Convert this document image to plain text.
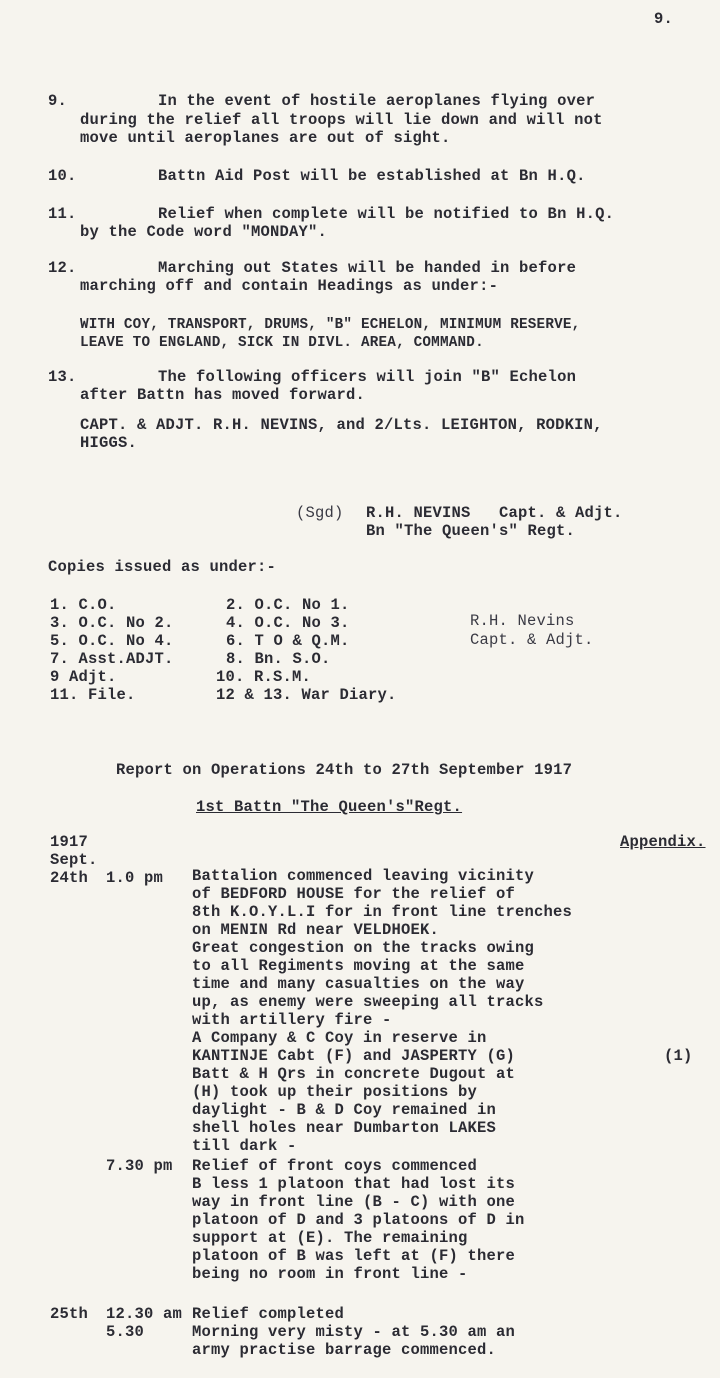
9.
9.	In the event of hostile aeroplanes flying over
during the relief all troops will lie down and will not
move until aeroplanes are out of sight.
10.	Battn Aid Post will be established at Bn H.Q.
11.	Relief when complete will be notified to Bn H.Q.
by the Code word "MONDAY".
12.	Marching out States will be handed in before
marching off and contain Headings as under:-
WITH COY, TRANSPORT, DRUMS, "B" ECHELON, MINIMUM RESERVE,
LEAVE TO ENGLAND, SICK IN DIVL. AREA, COMMAND.
13.	The following officers will join "B" Echelon
after Battn has moved forward.
CAPT. & ADJT. R.H. NEVINS, and 2/Lts. LEIGHTON, RODKIN,
HIGGS.
(Sgd) R.H. NEVINS   Capt. & Adjt.
Bn "The Queen's" Regt.
Copies issued as under:-
1. C.O.	2. O.C. No 1.
3. O.C. No 2.	4. O.C. No 3.
5. O.C. No 4.	6. T O & Q.M.
7. Asst.ADJT.	8. Bn. S.O.
9 Adjt.	10. R.S.M.
11. File.	12 & 13. War Diary.
R.H. Nevins
Capt. & Adjt.
Report on Operations 24th to 27th September 1917
1st Battn "The Queen's"Regt.
1917
Sept.
Appendix.
24th 1.0 pm Battalion commenced leaving vicinity
of BEDFORD HOUSE for the relief of
8th K.O.Y.L.I for in front line trenches
on MENIN Rd near VELDHOEK.
Great congestion on the tracks owing
to all Regiments moving at the same
time and many casualties on the way
up, as enemy were sweeping all tracks
with artillery fire -
A Company & C Coy in reserve in
KANTINJE Cabt (F) and JASPERTY (G)
Batt & H Qrs in concrete Dugout at
(H) took up their positions by
daylight - B & D Coy remained in
shell holes near Dumbarton LAKES
till dark -
(1)
7.30 pm Relief of front coys commenced
B less 1 platoon that had lost its
way in front line (B - C) with one
platoon of D and 3 platoons of D in
support at (E). The remaining
platoon of B was left at (F) there
being no room in front line -
25th 12.30 am Relief completed
5.30	Morning very misty - at 5.30 am an
army practise barrage commenced.
